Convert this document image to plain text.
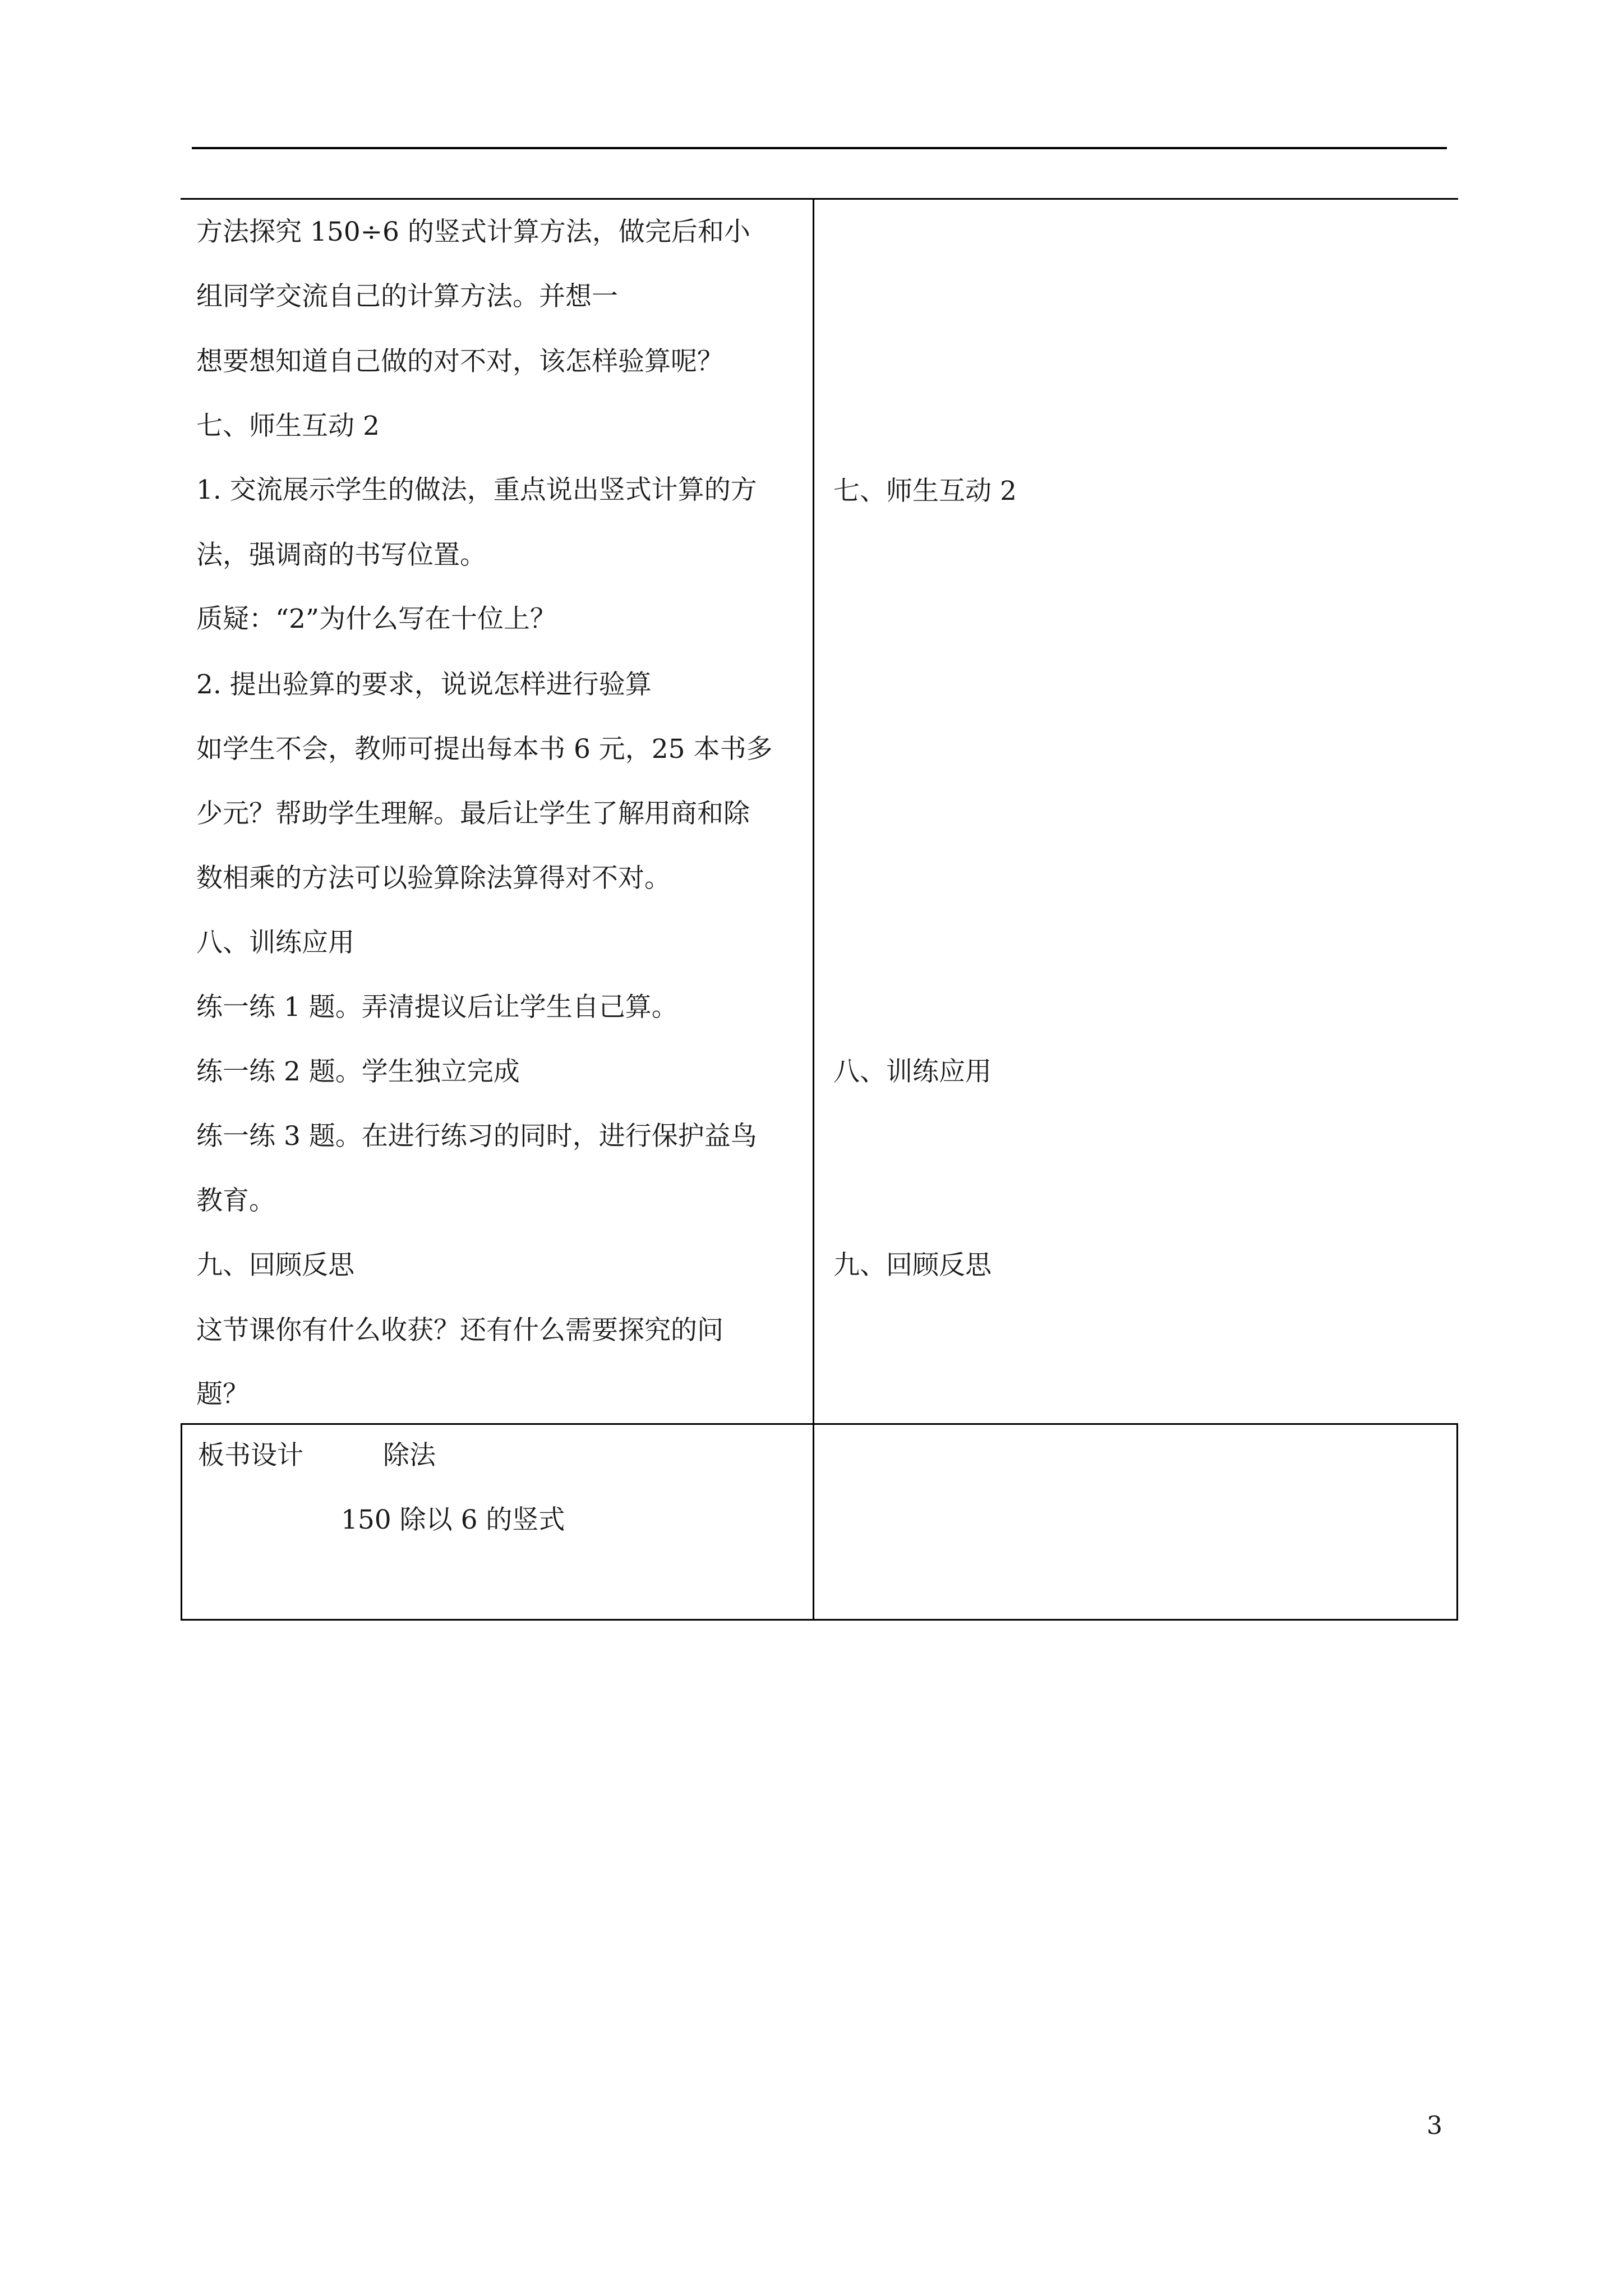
方法探究 150÷6 的竖式计算方法，做完后和小
组同学交流自己的计算方法。并想一
想要想知道自己做的对不对，该怎样验算呢？
七、师生互动 2
1. 交流展示学生的做法，重点说出竖式计算的方
法，强调商的书写位置。
质疑：“2”为什么写在十位上？
2. 提出验算的要求，说说怎样进行验算
如学生不会，教师可提出每本书 6 元，25 本书多
少元？帮助学生理解。最后让学生了解用商和除
数相乘的方法可以验算除法算得对不对。
八、训练应用
练一练 1 题。弄清提议后让学生自己算。
练一练 2 题。学生独立完成
练一练 3 题。在进行练习的同时，进行保护益鸟
教育。
九、回顾反思
这节课你有什么收获？还有什么需要探究的问
题？
七、师生互动 2
八、训练应用
九、回顾反思
板书设计	除法
150 除以 6 的竖式
3
